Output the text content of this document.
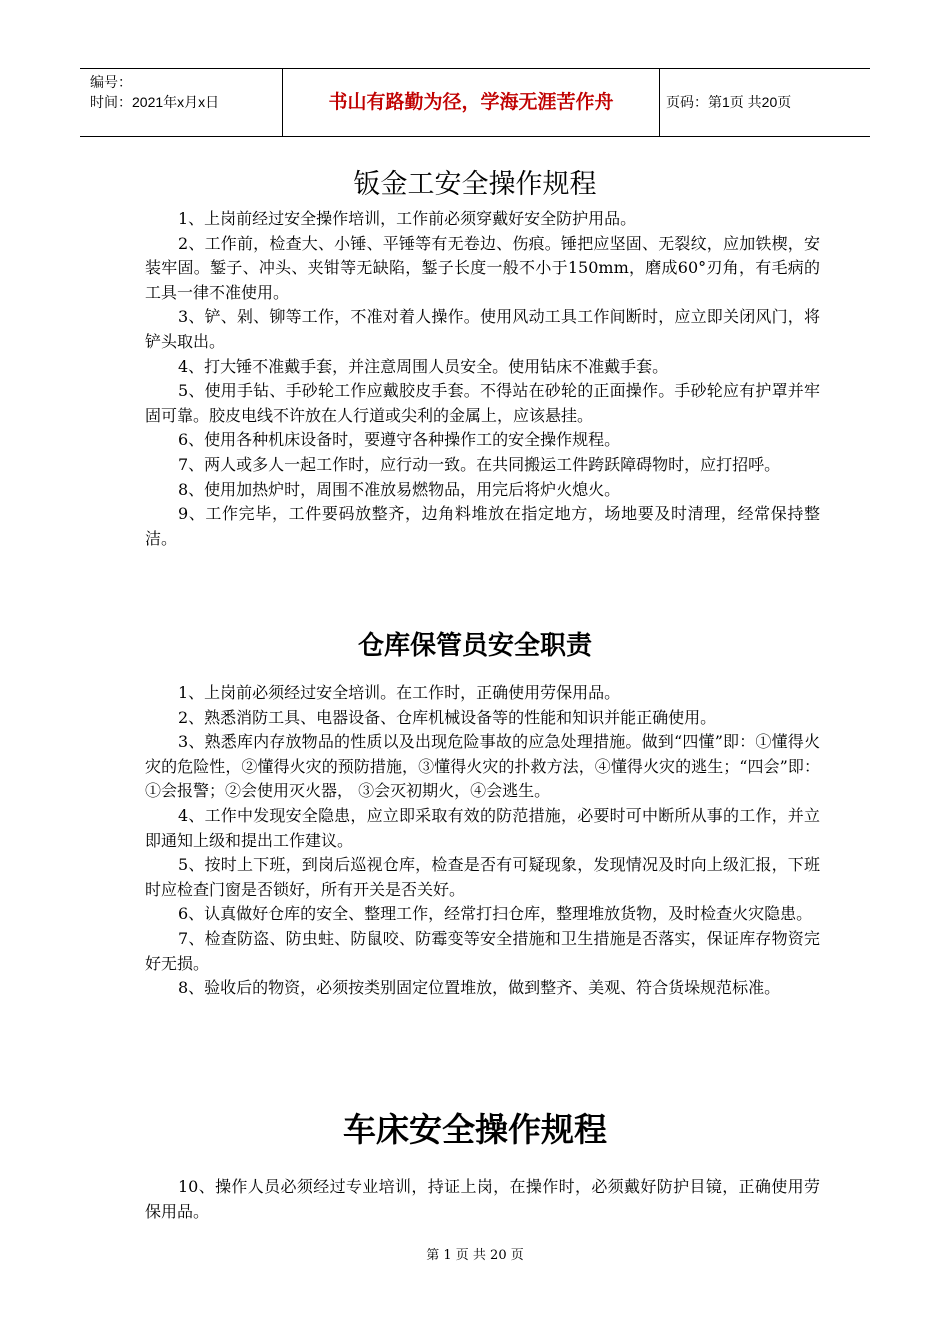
编号：
时间：2021年x月x日	书山有路勤为径，学海无涯苦作舟	页码：第1页 共20页
钣金工安全操作规程

1、上岗前经过安全操作培训，工作前必须穿戴好安全防护用品。

2、工作前，检查大、小锤、平锤等有无卷边、伤痕。锤把应坚固、无裂纹，应加铁楔，安装牢固。錾子、冲头、夹钳等无缺陷，錾子长度一般不小于150mm，磨成60°刃角，有毛病的工具一律不准使用。

3、铲、剁、铆等工作，不准对着人操作。使用风动工具工作间断时，应立即关闭风门，将铲头取出。

4、打大锤不准戴手套，并注意周围人员安全。使用钻床不准戴手套。

5、使用手钻、手砂轮工作应戴胶皮手套。不得站在砂轮的正面操作。手砂轮应有护罩并牢固可靠。胶皮电线不许放在人行道或尖利的金属上，应该悬挂。

6、使用各种机床设备时，要遵守各种操作工的安全操作规程。

7、两人或多人一起工作时，应行动一致。在共同搬运工件跨跃障碍物时，应打招呼。

8、使用加热炉时，周围不准放易燃物品，用完后将炉火熄火。

9、工作完毕，工件要码放整齐，边角料堆放在指定地方，场地要及时清理，经常保持整洁。

仓库保管员安全职责

1、上岗前必须经过安全培训。在工作时，正确使用劳保用品。

2、熟悉消防工具、电器设备、仓库机械设备等的性能和知识并能正确使用。

3、熟悉库内存放物品的性质以及出现危险事故的应急处理措施。做到“四懂”即：①懂得火灾的危险性，②懂得火灾的预防措施，③懂得火灾的扑救方法，④懂得火灾的逃生；“四会”即：①会报警；②会使用灭火器， ③会灭初期火，④会逃生。

4、工作中发现安全隐患，应立即采取有效的防范措施，必要时可中断所从事的工作，并立即通知上级和提出工作建议。

5、按时上下班，到岗后巡视仓库，检查是否有可疑现象，发现情况及时向上级汇报，下班时应检查门窗是否锁好，所有开关是否关好。

6、认真做好仓库的安全、整理工作，经常打扫仓库，整理堆放货物，及时检查火灾隐患。

7、检查防盗、防虫蛀、防鼠咬、防霉变等安全措施和卫生措施是否落实，保证库存物资完好无损。

8、验收后的物资，必须按类别固定位置堆放，做到整齐、美观、符合货垛规范标准。

车床安全操作规程

10、操作人员必须经过专业培训，持证上岗，在操作时，必须戴好防护目镜，正确使用劳保用品。

第 1 页 共 20 页
